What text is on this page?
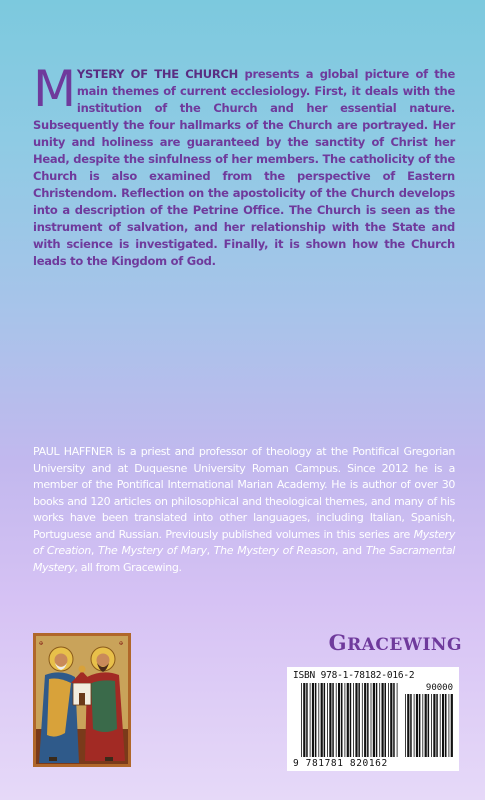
MYSTERY OF THE CHURCH presents a global picture of the main themes of current ecclesiology. First, it deals with the institution of the Church and her essential nature. Subsequently the four hallmarks of the Church are portrayed. Her unity and holiness are guaranteed by the sanctity of Christ her Head, despite the sinfulness of her members. The catholicity of the Church is also examined from the perspective of Eastern Christendom. Reflection on the apostolicity of the Church develops into a description of the Petrine Office. The Church is seen as the instrument of salvation, and her relationship with the State and with science is investigated. Finally, it is shown how the Church leads to the Kingdom of God.
PAUL HAFFNER is a priest and professor of theology at the Pontifical Gregorian University and at Duquesne University Roman Campus. Since 2012 he is a member of the Pontifical International Marian Academy. He is author of over 30 books and 120 articles on philosophical and theological themes, and many of his works have been translated into other languages, including Italian, Spanish, Portuguese and Russian. Previously published volumes in this series are Mystery of Creation, The Mystery of Mary, The Mystery of Reason, and The Sacramental Mystery, all from Gracewing.
✠	✠	GRACEWING
ISBN 978-1-78182-016-2
90000
9 781781 820162
